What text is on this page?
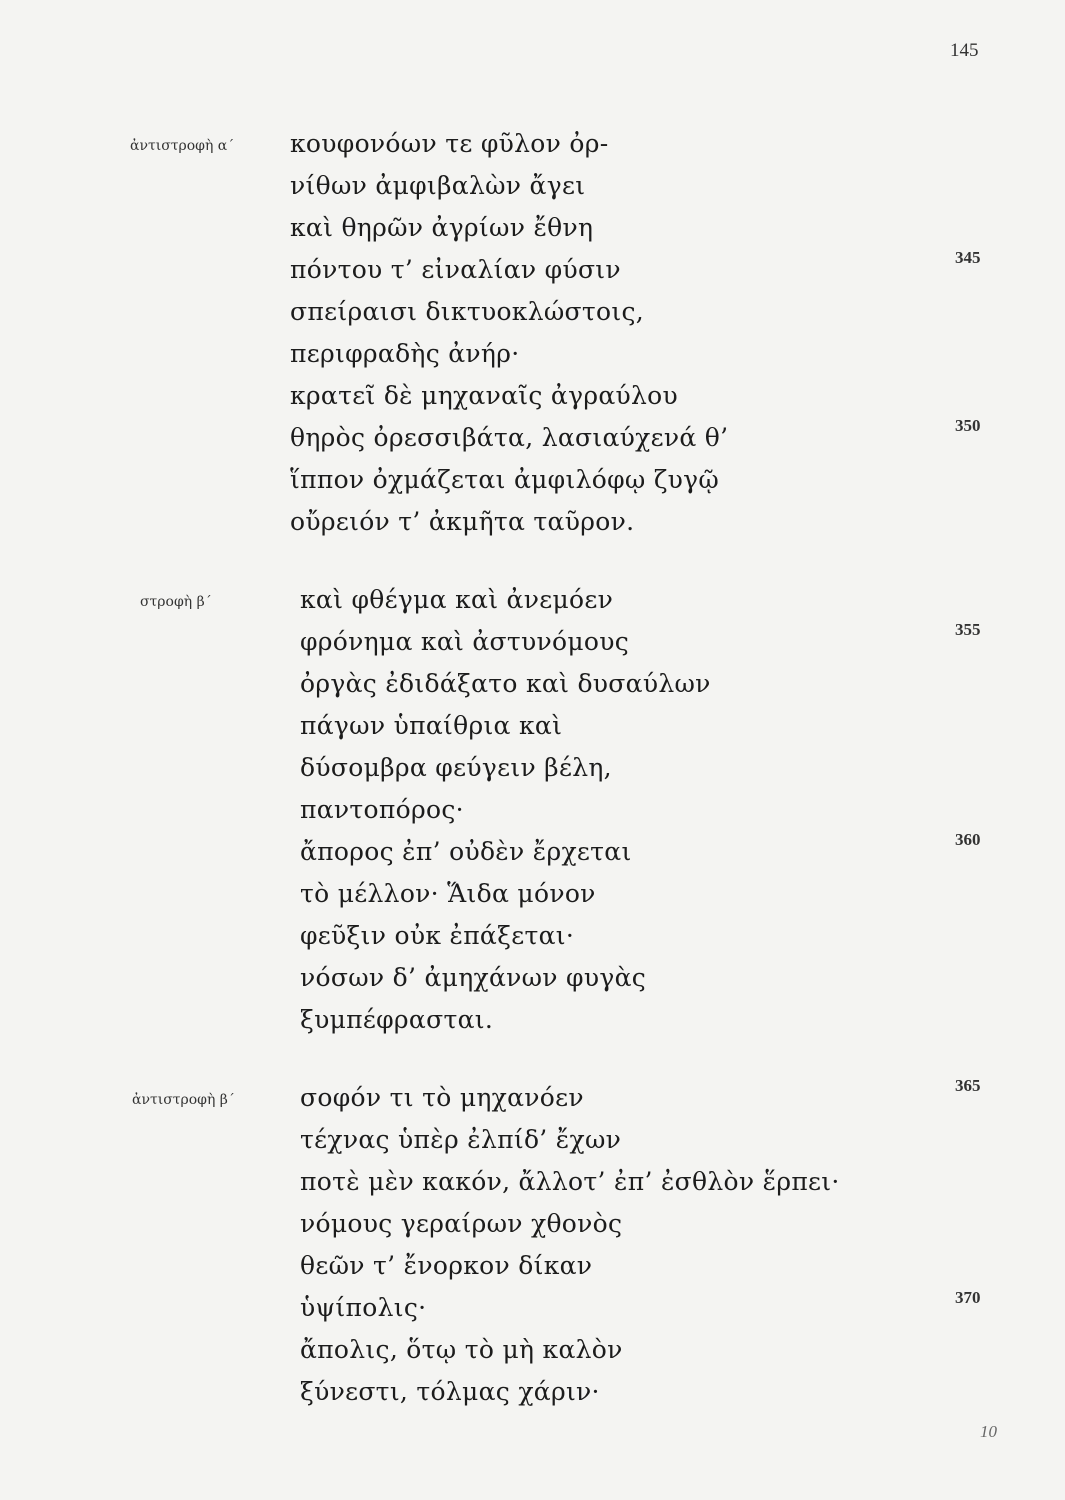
145
ἀντιστροφὴ α΄ κουφονόων τε φῦλον ὀρ-
νίθων ἀμφιβαλὼν ἄγει
καὶ θηρῶν ἀγρίων ἔθνη
πόντου τ’ εἰναλίαν φύσιν
σπείραισι δικτυοκλώστοις,
περιφραδὴς ἀνήρ·
κρατεῖ δὲ μηχαναῖς ἀγραύλου
θηρὸς ὀρεσσιβάτα, λασιαύχενά θ’
ἵππον ὀχμάζεται ἀμφιλόφῳ ζυγῷ
οὔρειόν τ’ ἀκμῆτα ταῦρον.
στροφὴ β΄	καὶ φθέγμα καὶ ἀνεμόεν
φρόνημα καὶ ἀστυνόμους
ὀργὰς ἐδιδάξατο καὶ δυσαύλων
πάγων ὑπαίθρια καὶ
δύσομβρα φεύγειν βέλη,
παντοπόρος·
ἄπορος ἐπ’ οὐδὲν ἔρχεται
τὸ μέλλον· Ἅιδα μόνον
φεῦξιν οὐκ ἐπάξεται·
νόσων δ’ ἀμηχάνων φυγὰς
ξυμπέφρασται.
ἀντιστροφὴ β΄	σοφόν τι τὸ μηχανόεν
τέχνας ὑπὲρ ἐλπίδ’ ἔχων
ποτὲ μὲν κακόν, ἄλλοτ’ ἐπ’ ἐσθλὸν ἕρπει·
νόμους γεραίρων χθονὸς
θεῶν τ’ ἔνορκον δίκαν
ὑψίπολις·
ἄπολις, ὅτῳ τὸ μὴ καλὸν
ξύνεστι, τόλμας χάριν·
345
350
355
360
365
370
10
